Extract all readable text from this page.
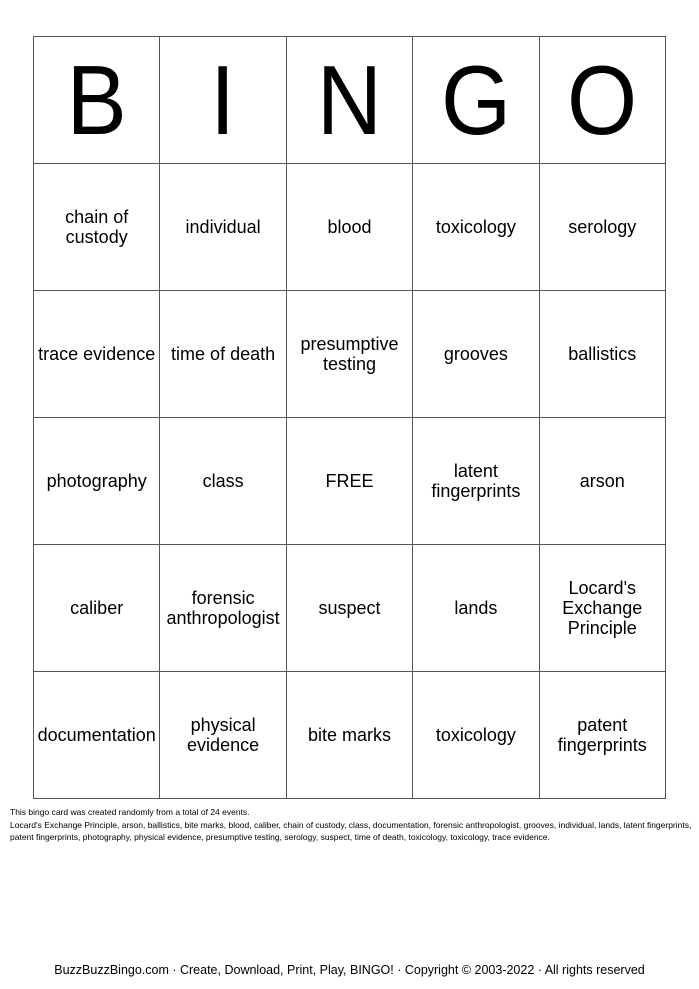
B	I	N	G	O
chain of custody	individual	blood	toxicology	serology
trace evidence	time of death	presumptive testing	grooves	ballistics
photography	class	FREE	latent fingerprints	arson
caliber	forensic anthropologist	suspect	lands	Locard's Exchange Principle
documentation	physical evidence	bite marks	toxicology	patent fingerprints
This bingo card was created randomly from a total of 24 events.
Locard's Exchange Principle, arson, ballistics, bite marks, blood, caliber, chain of custody, class, documentation, forensic anthropologist, grooves, individual, lands, latent fingerprints, patent fingerprints, photography, physical evidence, presumptive testing, serology, suspect, time of death, toxicology, toxicology, trace evidence.
BuzzBuzzBingo.com · Create, Download, Print, Play, BINGO! · Copyright © 2003-2022 · All rights reserved
